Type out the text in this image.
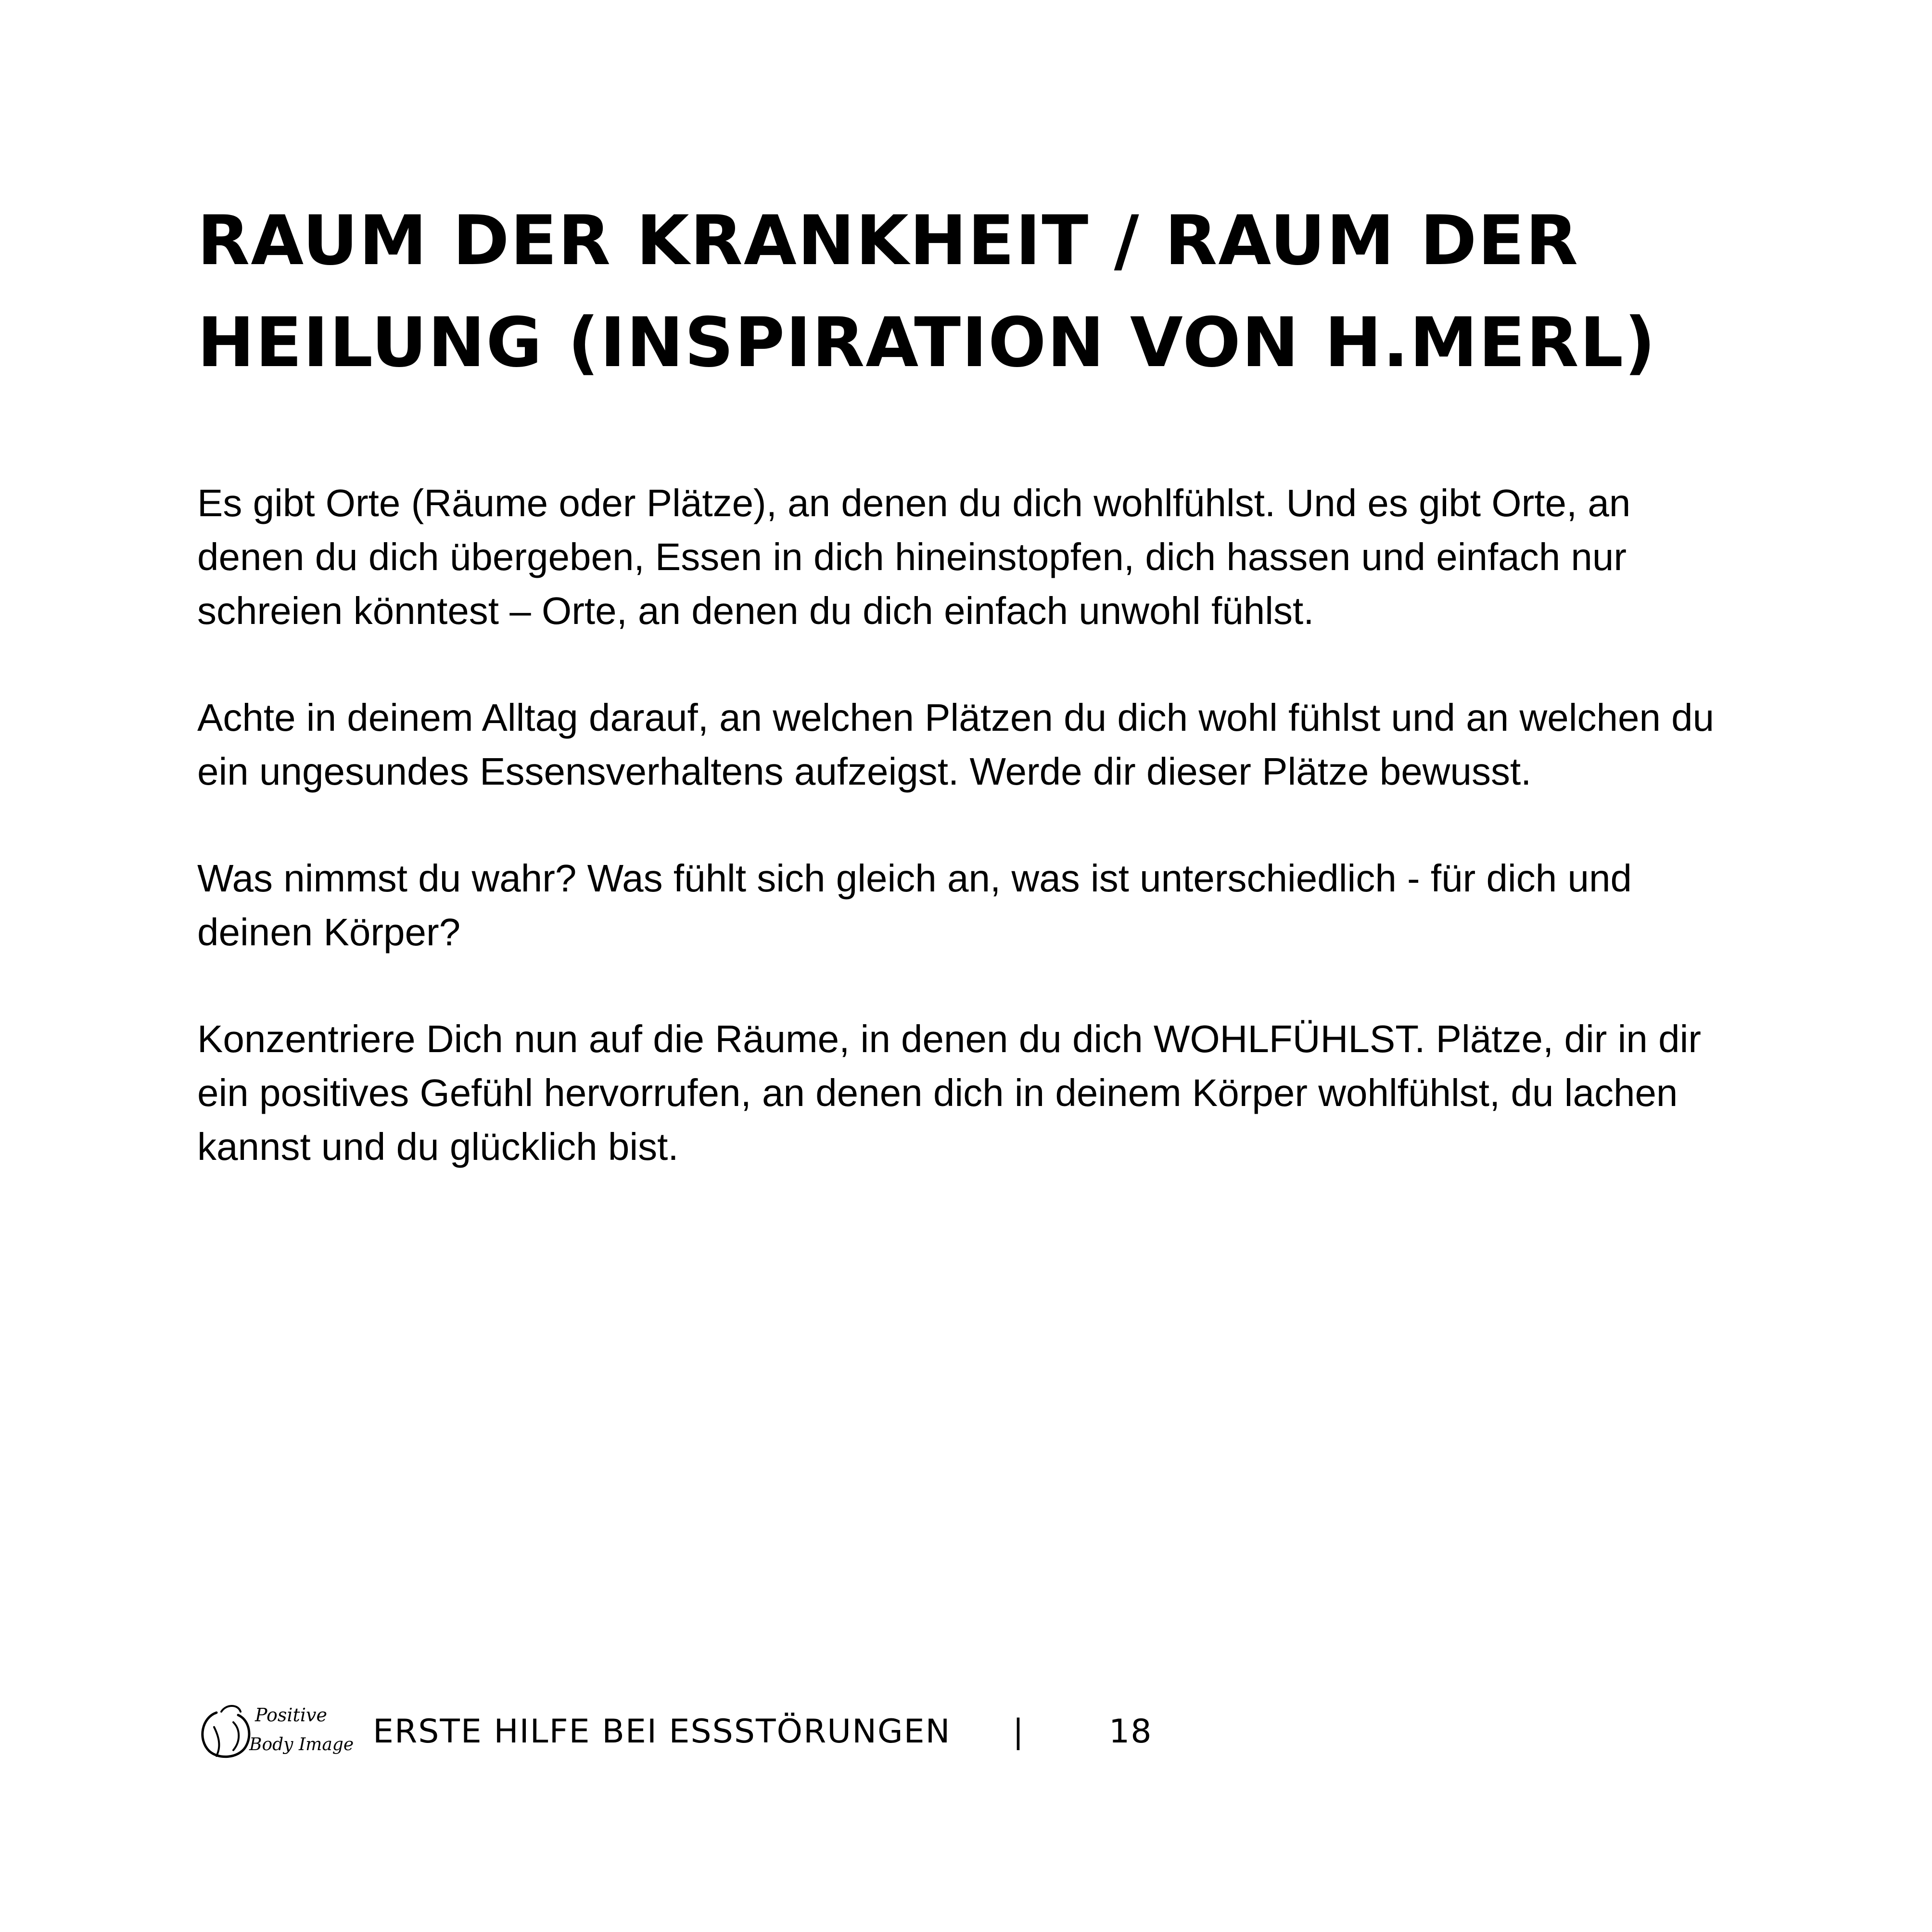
RAUM DER KRANKHEIT / RAUM DER HEILUNG (INSPIRATION VON H.MERL)

Es gibt Orte (Räume oder Plätze), an denen du dich wohlfühlst. Und es gibt Orte, an denen du dich übergeben, Essen in dich hineinstopfen, dich hassen und einfach nur schreien könntest – Orte, an denen du dich einfach unwohl fühlst.

Achte in deinem Alltag darauf, an welchen Plätzen du dich wohl fühlst und an welchen du ein ungesundes Essensverhaltens aufzeigst. Werde dir dieser Plätze bewusst.

Was nimmst du wahr? Was fühlt sich gleich an, was ist unterschiedlich - für dich und deinen Körper?

Konzentriere Dich nun auf die Räume, in denen du dich WOHLFÜHLST. Plätze, dir in dir ein positives Gefühl hervorrufen, an denen dich in deinem Körper wohlfühlst, du lachen kannst und du glücklich bist.

Positive
Body Image ERSTE HILFE BEI ESSSTÖRUNGEN |	18
